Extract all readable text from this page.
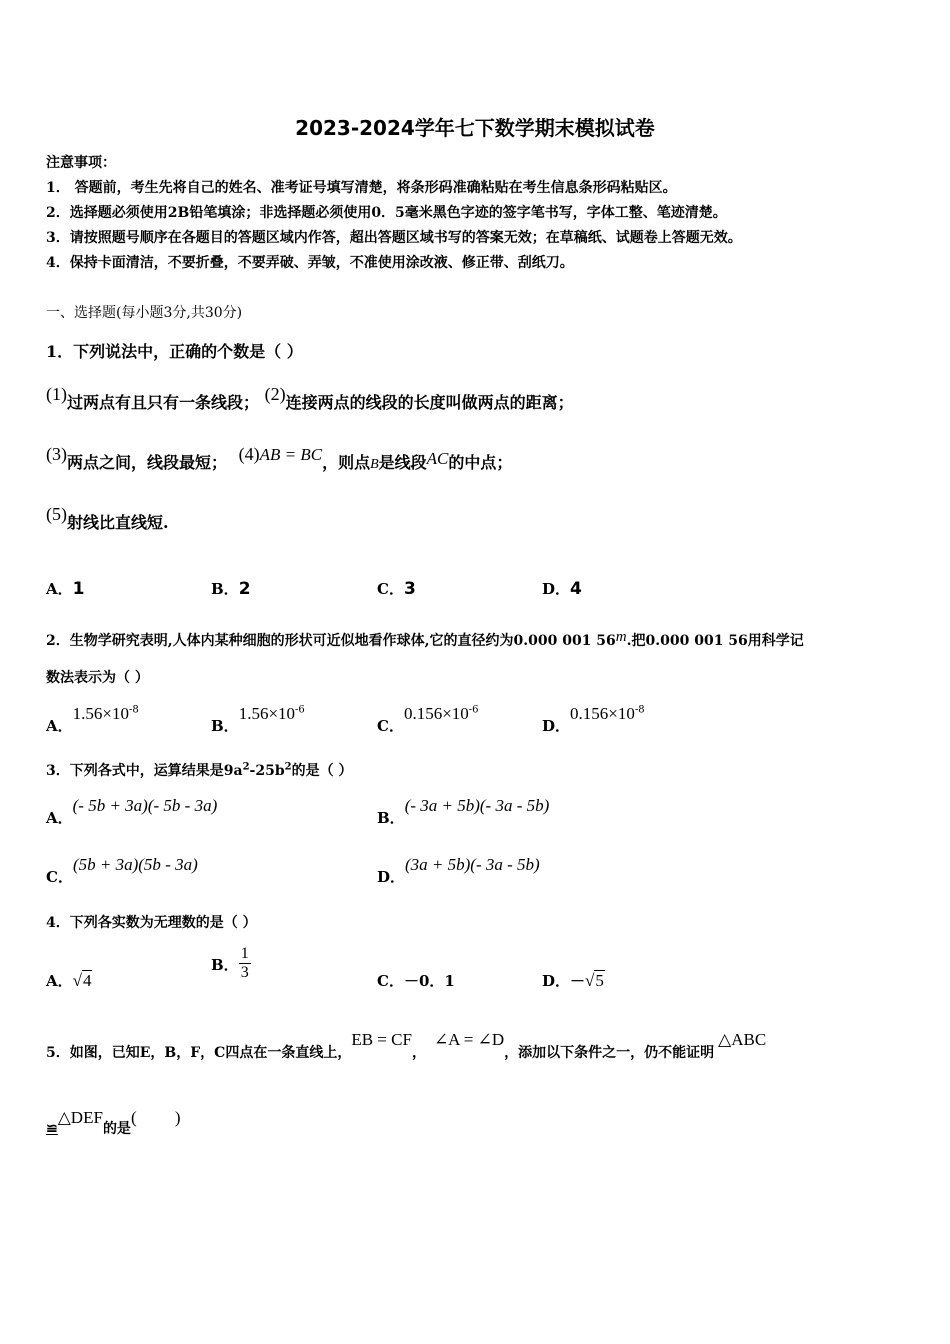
2023-2024学年七下数学期末模拟试卷
注意事项：
1． 答题前，考生先将自己的姓名、准考证号填写清楚，将条形码准确粘贴在考生信息条形码粘贴区。
2．选择题必须使用2B铅笔填涂；非选择题必须使用0．5毫米黑色字迹的签字笔书写，字体工整、笔迹清楚。
3．请按照题号顺序在各题目的答题区域内作答，超出答题区域书写的答案无效；在草稿纸、试题卷上答题无效。
4．保持卡面清洁，不要折叠，不要弄破、弄皱，不准使用涂改液、修正带、刮纸刀。
一、选择题(每小题3分,共30分)
1．下列说法中，正确的个数是（ ）
(1)过两点有且只有一条线段； (2)连接两点的线段的长度叫做两点的距离；
(3)两点之间，线段最短； (4)AB = BC，则点B是线段AC的中点；
(5)射线比直线短.
A．1	B．2	C．3	D．4
2．生物学研究表明,人体内某种细胞的形状可近似地看作球体,它的直径约为0.000 001 56m.把0.000 001 56用科学记
数法表示为（ ）
A．$1.56\times 10^{-8}$
B．$1.56\times 10^{-6}$
C．$0.156\times 10^{-6}$
D．$0.156\times 10^{-8}$
3．下列各式中，运算结果是$9a^2-25b^2$的是（ ）
A．(- 5b + 3a)(- 5b - 3a)
B．(- 3a + 5b)(- 3a - 5b)
C．(5b + 3a)(5b - 3a)
D．(3a + 5b)(- 3a - 5b)
4．下列各实数为无理数的是（ ）
A．√4
B． $\frac{1}{3}$	C．－0．1	D．－√5
5．如图，已知E，B，F，C四点在一条直线上，EB = CF，∠A = ∠D，添加以下条件之一，仍不能证明△ABC
≌△DEF的是(         )
